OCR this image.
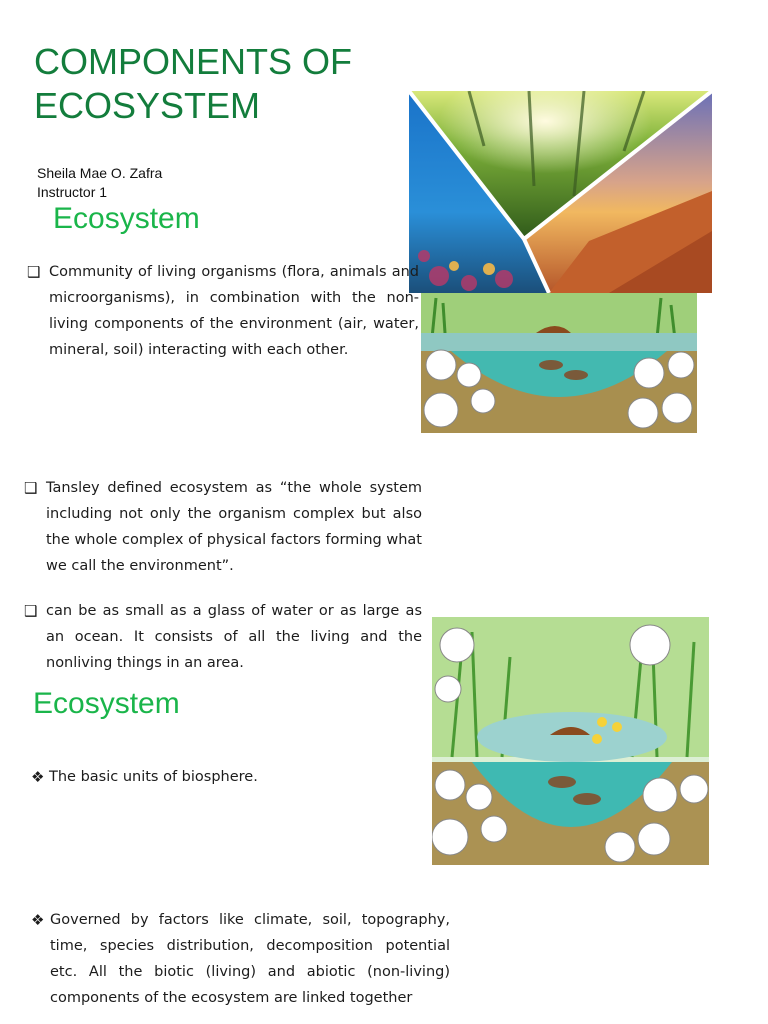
COMPONENTS OF
ECOSYSTEM
Sheila Mae O. Zafra
Instructor 1
Ecosystem
❑ Community of living organisms (flora, animals and microorganisms), in combination with the non-living components of the environment (air, water, mineral, soil) interacting with each other.
❑ Tansley defined ecosystem as “the whole system including not only the organism complex but also the whole complex of physical factors forming what we call the environment”.
❑ can be as small as a glass of water or as large as an ocean. It consists of all the living and the nonliving things in an area.
Ecosystem
❖ The basic units of biosphere.
❖ Governed by factors like climate, soil, topography, time, species distribution, decomposition potential etc. All the biotic (living) and abiotic (non-living) components of the ecosystem are linked together
